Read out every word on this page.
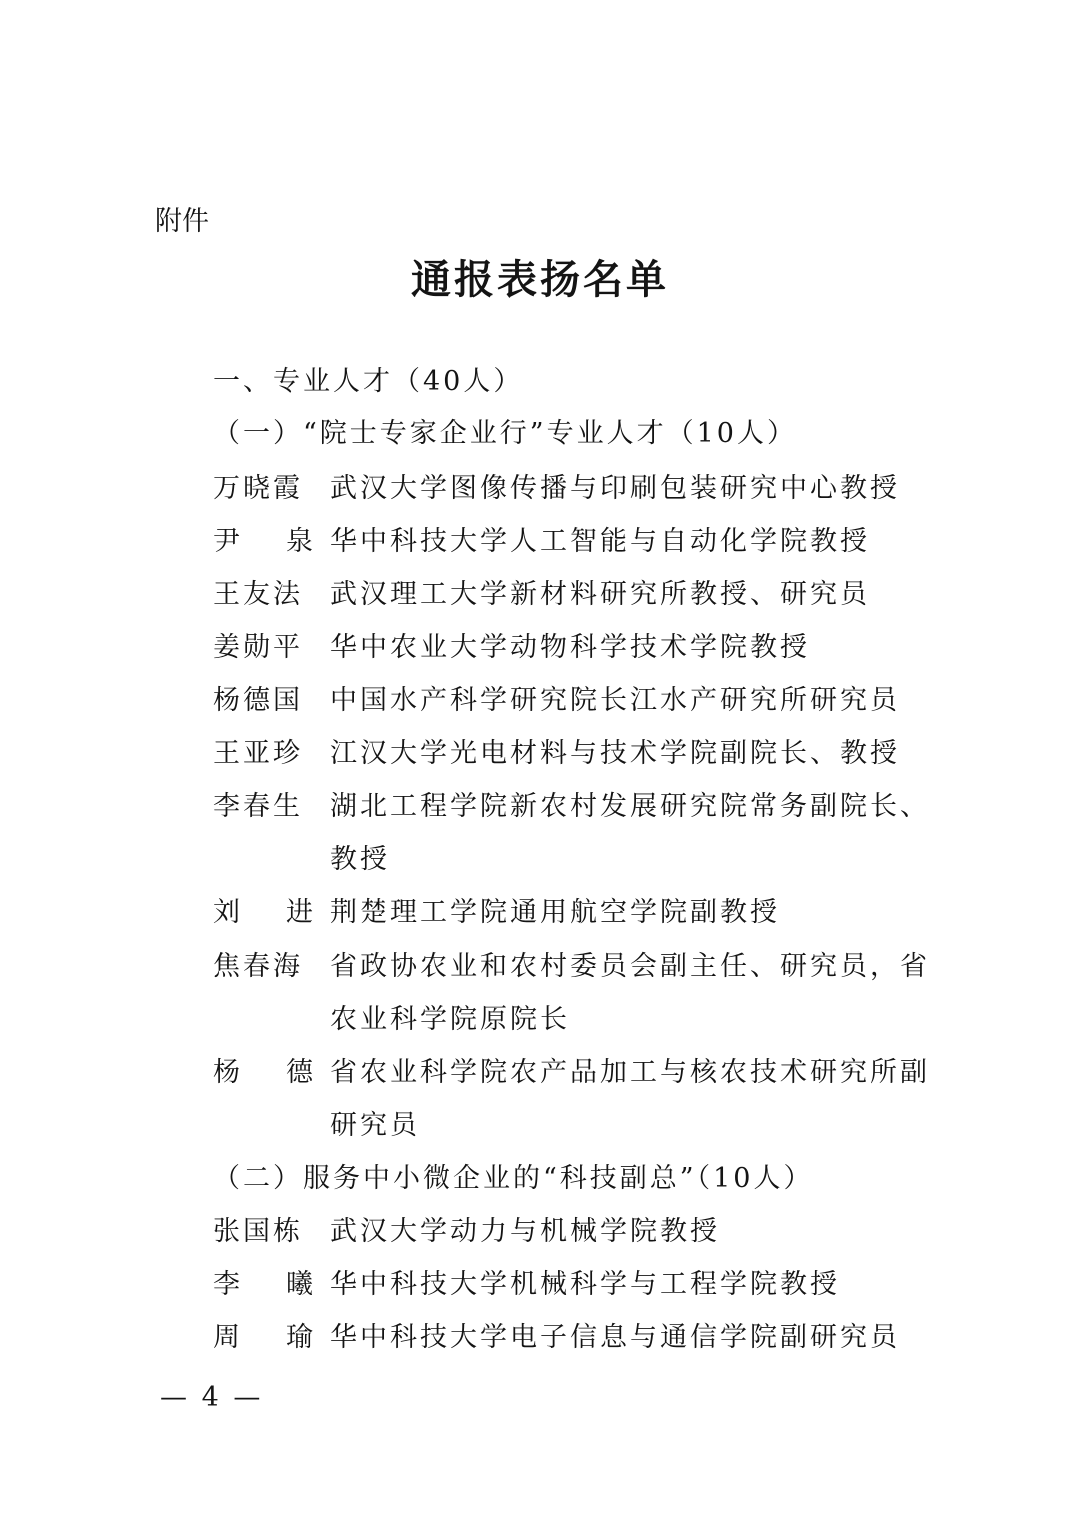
附件
通报表扬名单
一、专业人才（40人）
（一）“院士专家企业行”专业人才（10人）
万晓霞	武汉大学图像传播与印刷包装研究中心教授
尹 泉 华中科技大学人工智能与自动化学院教授
王友法	武汉理工大学新材料研究所教授、研究员
姜勋平	华中农业大学动物科学技术学院教授
杨德国	中国水产科学研究院长江水产研究所研究员
王亚珍	江汉大学光电材料与技术学院副院长、教授
李春生	湖北工程学院新农村发展研究院常务副院长、
教授
刘 进 荆楚理工学院通用航空学院副教授
焦春海	省政协农业和农村委员会副主任、研究员，省
农业科学院原院长
杨 德 省农业科学院农产品加工与核农技术研究所副
研究员
（二）服务中小微企业的“科技副总”（10人）
张国栋	武汉大学动力与机械学院教授
李 曦 华中科技大学机械科学与工程学院教授
周 瑜 华中科技大学电子信息与通信学院副研究员
— 4 —
